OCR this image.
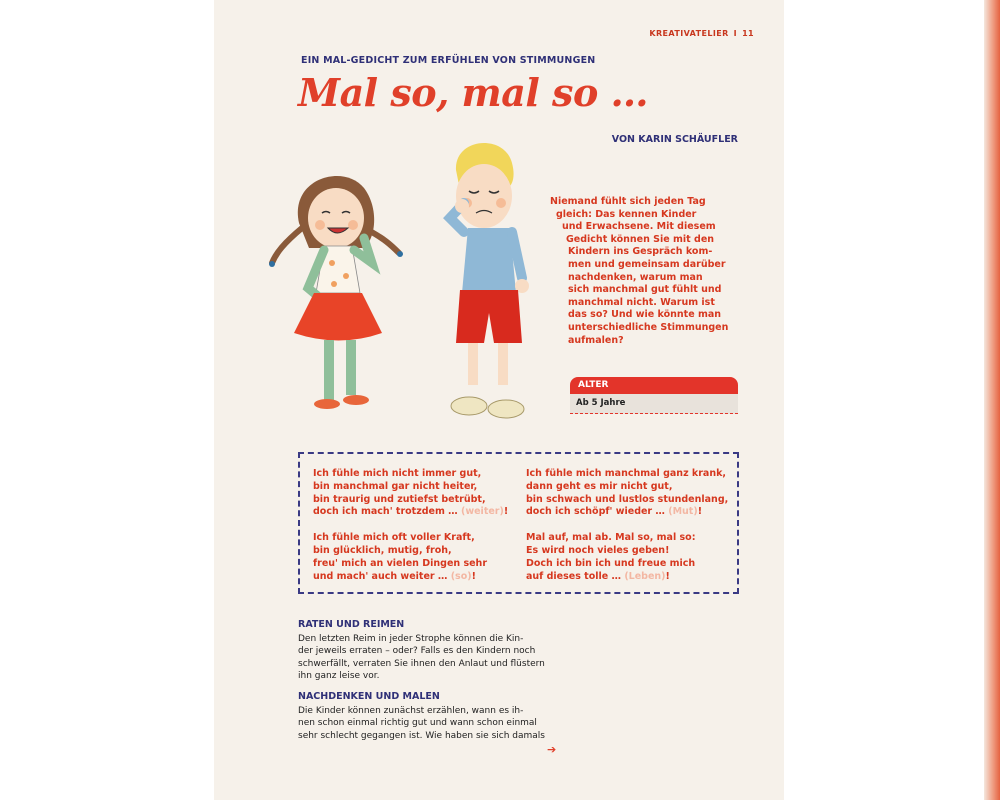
KREATIVATELIER I 11
EIN MAL-GEDICHT ZUM ERFÜHLEN VON STIMMUNGEN
Mal so, mal so …
VON KARIN SCHÄUFLER
Niemand fühlt sich jeden Tag
gleich: Das kennen Kinder
und Erwachsene. Mit diesem
Gedicht können Sie mit den
Kindern ins Gespräch kom-
men und gemeinsam darüber
nachdenken, warum man
sich manchmal gut fühlt und
manchmal nicht. Warum ist
das so? Und wie könnte man
unterschiedliche Stimmungen
aufmalen?
ALTER
Ab 5 Jahre
Ich fühle mich nicht immer gut,
bin manchmal gar nicht heiter,
bin traurig und zutiefst betrübt,
doch ich mach' trotzdem … (weiter)!
Ich fühle mich oft voller Kraft,
bin glücklich, mutig, froh,
freu' mich an vielen Dingen sehr
und mach' auch weiter … (so)!
Ich fühle mich manchmal ganz krank,
dann geht es mir nicht gut,
bin schwach und lustlos stundenlang,
doch ich schöpf' wieder … (Mut)!
Mal auf, mal ab. Mal so, mal so:
Es wird noch vieles geben!
Doch ich bin ich und freue mich
auf dieses tolle … (Leben)!
RATEN UND REIMEN
Den letzten Reim in jeder Strophe können die Kin-
der jeweils erraten – oder? Falls es den Kindern noch
schwerfällt, verraten Sie ihnen den Anlaut und flüstern
ihn ganz leise vor.
NACHDENKEN UND MALEN
Die Kinder können zunächst erzählen, wann es ih-
nen schon einmal richtig gut und wann schon einmal
sehr schlecht gegangen ist. Wie haben sie sich damals
➔
